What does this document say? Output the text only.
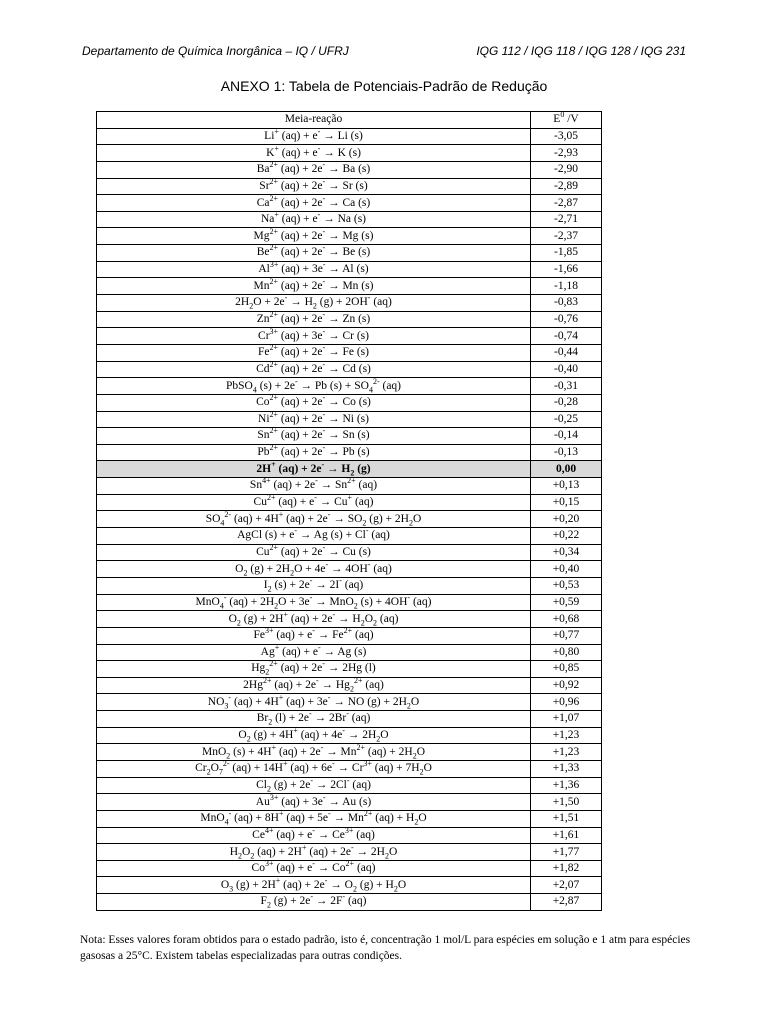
Departamento de Química Inorgânica – IQ / UFRJ	IQG 112 / IQG 118 / IQG 128 / IQG 231
ANEXO 1: Tabela de Potenciais-Padrão de Redução
Meia-reação	$E^0$ /V
Li+ (aq) + e- → Li (s)	-3,05
K+ (aq) + e- → K (s)	-2,93
$Ba^{2+}$ (aq) + 2e- → Ba (s)	-2,90
$Sr^{2+}$ (aq) + 2e- → Sr (s)	-2,89
$Ca^{2+}$ (aq) + 2e- → Ca (s)	-2,87
Na+ (aq) + e- → Na (s)	-2,71
$Mg^{2+}$ (aq) + 2e- → Mg (s)	-2,37
$Be^{2+}$ (aq) + 2e- → Be (s)	-1,85
$Al^{3+}$ (aq) + 3e- → Al (s)	-1,66
$Mn^{2+}$ (aq) + 2e- → Mn (s)	-1,18
$2H_2O + 2e^- \to H_2$ (g) + 2OH- (aq)	-0,83
$Zn^{2+}$ (aq) + 2e- → Zn (s)	-0,76
$Cr^{3+}$ (aq) + 3e- → Cr (s)	-0,74
$Fe^{2+}$ (aq) + 2e- → Fe (s)	-0,44
$Cd^{2+}$ (aq) + 2e- → Cd (s)	-0,40
PbSO$_4$ (s) + 2e- → Pb $(s) + SO_4^{2-}$ (aq)	-0,31
$Co^{2+}$ (aq) + 2e- → Co (s)	-0,28
$Ni^{2+}$ (aq) + 2e- → Ni (s)	-0,25
$Sn^{2+}$ (aq) + 2e- → Sn (s)	-0,14
$Pb^{2+}$ (aq) + 2e- → Pb (s)	-0,13
2H+ $(aq) + 2e^- \to H_2$ (g)	0,00
$Sn^{4+}$ $(aq) + 2e^- \to Sn^{2+}$ (aq)	+0,13
$Cu^{2+}$ (aq) + e- → Cu+ (aq)	+0,15
$SO_4^{2-}$ (aq) + 4H+ $(aq) + 2e^- \to SO_2$ $(g) + 2H_2O$	+0,20
AgCl (s) + e- → Ag (s) + Cl- (aq)	+0,22
$Cu^{2+}$ (aq) + 2e- → Cu (s)	+0,34
$O_2$ $(g) + 2H_2O + 4e^- \to 4OH^-$ (aq)	+0,40
$I_2$ (s) + 2e- → 2I- (aq)	+0,53
MnO$_4$- $(aq) + 2H_2O + 3e^- \to MnO_2$ (s) + 4OH- (aq)	+0,59
$O_2$ (g) + 2H+ $(aq) + 2e^- \to H_2O_2$ (aq)	+0,68
$Fe^{3+}$ $(aq) + e^- \to Fe^{2+}$ (aq)	+0,77
Ag+ (aq) + e- → Ag (s)	+0,80
$Hg_2^{2+}$ (aq) + 2e- → 2Hg (l)	+0,85
$2Hg^{2+}$ $(aq) + 2e^- \to Hg_2^{2+}$ (aq)	+0,92
$NO_3^-$ (aq) + 4H+ (aq) + 3e- → NO $(g) + 2H_2O$	+0,96
$Br_2$ (l) + 2e- → 2Br- (aq)	+1,07
$O_2$ (g) + 4H+ $(aq) + 4e^- \to 2H_2O$	+1,23
MnO$_2$ (s) + 4H+ $(aq) + 2e^- \to Mn^{2+}$ $(aq) + 2H_2O$	+1,23
$Cr_2O_7^{2-}$ (aq) + 14H+ $(aq) + 6e^- \to Cr^{3+}$ $(aq) + 7H_2O$	+1,33
$Cl_2$ (g) + 2e- → 2Cl- (aq)	+1,36
$Au^{3+}$ (aq) + 3e- → Au (s)	+1,50
MnO$_4$- (aq) + 8H+ $(aq) + 5e^- \to Mn^{2+}$ $(aq) + H_2O$	+1,51
$Ce^{4+}$ $(aq) + e^- \to Ce^{3+}$ (aq)	+1,61
$H_2O_2$ (aq) + 2H+ $(aq) + 2e^- \to 2H_2O$	+1,77
$Co^{3+}$ $(aq) + e^- \to Co^{2+}$ (aq)	+1,82
$O_3$ (g) + 2H+ $(aq) + 2e^- \to O_2$ $(g) + H_2O$	+2,07
$F_2$ (g) + 2e- → 2F- (aq)	+2,87
Nota: Esses valores foram obtidos para o estado padrão, isto é, concentração 1 mol/L para espécies em solução e 1 atm para espécies gasosas a 25°C. Existem tabelas especializadas para outras condições.
